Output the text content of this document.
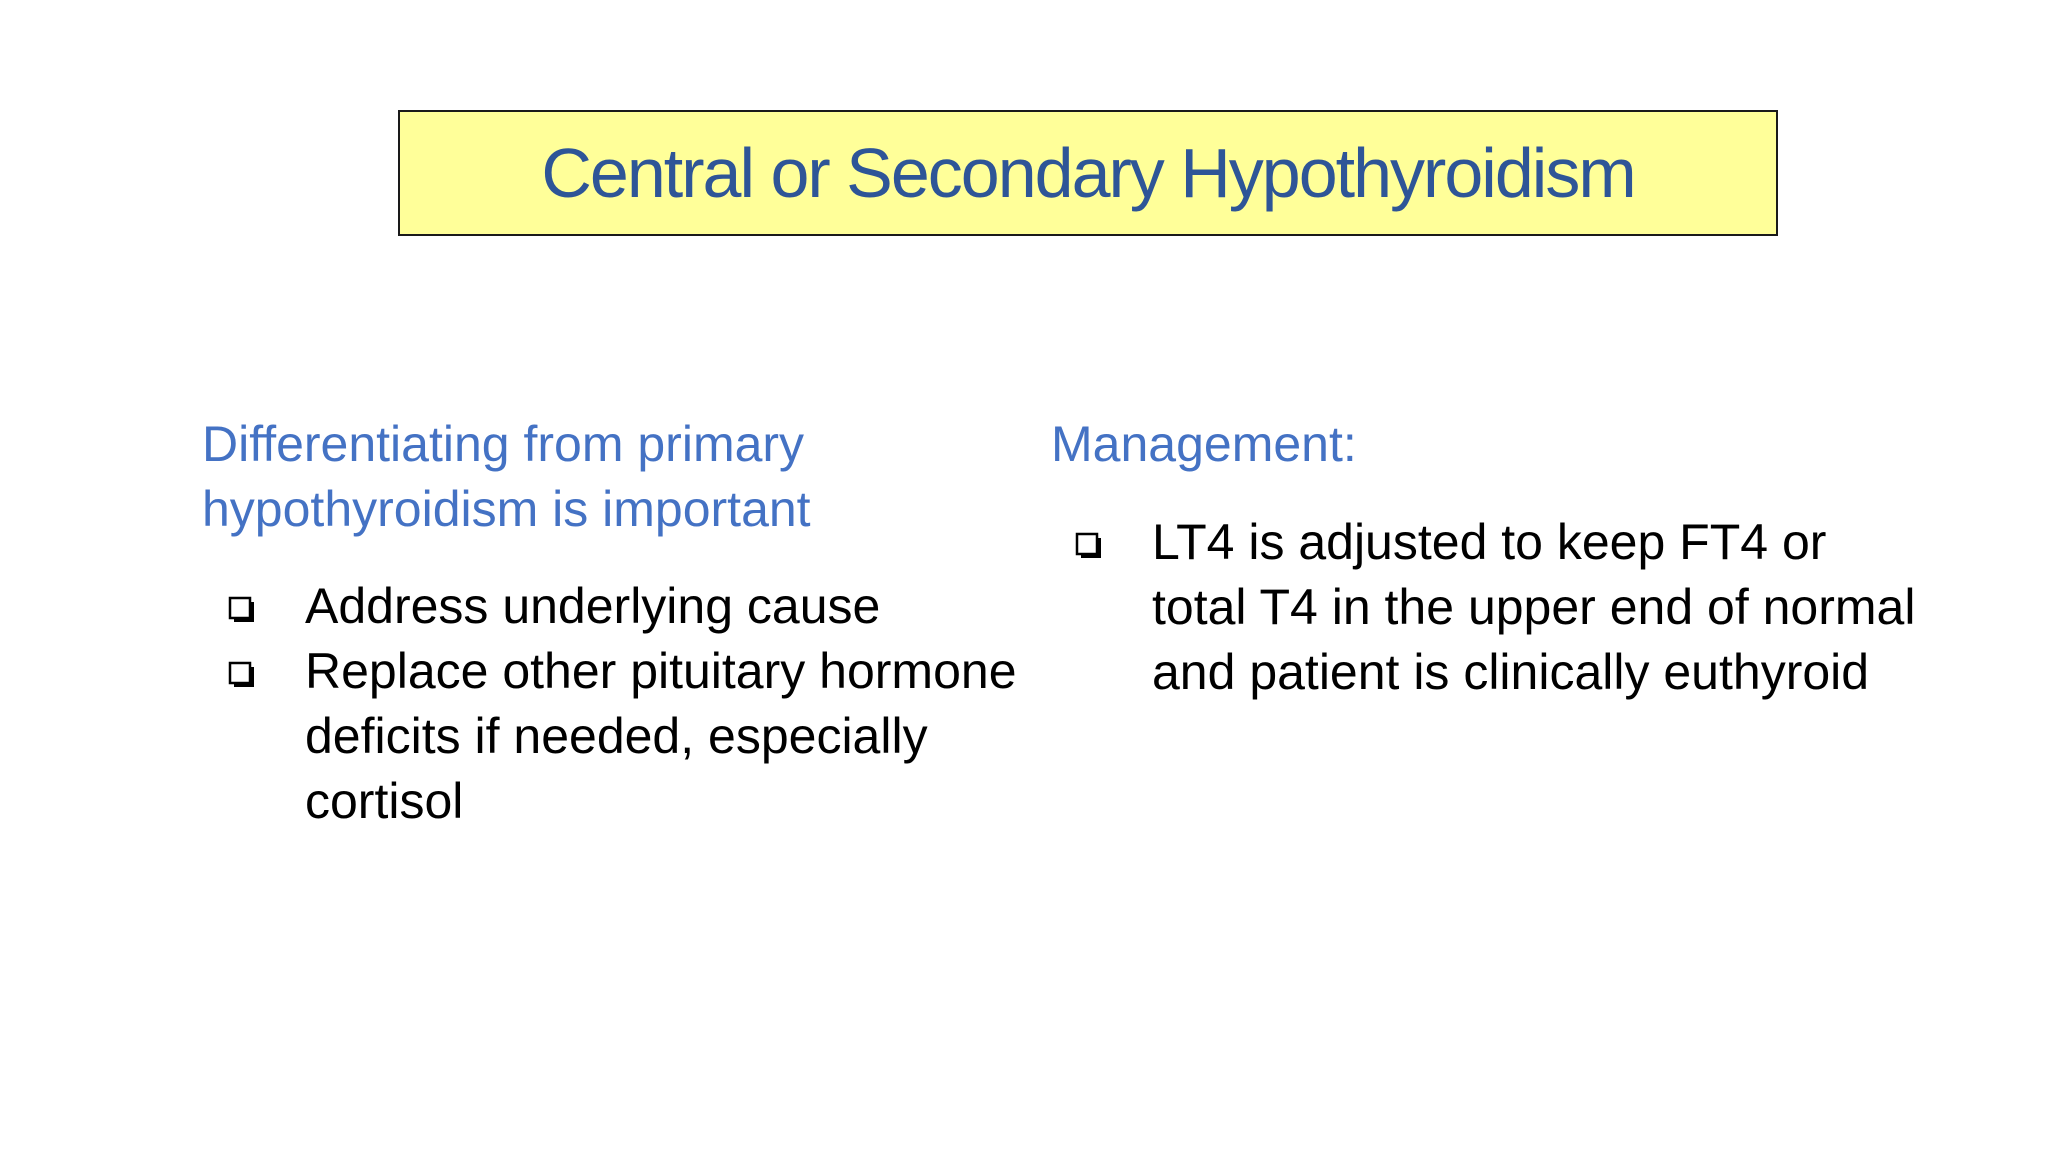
Central or Secondary Hypothyroidism

Differentiating from primary hypothyroidism is important

Address underlying cause
Replace other pituitary hormone deficits if needed, especially cortisol

Management:

LT4 is adjusted to keep FT4 or total T4 in the upper end of normal and patient is clinically euthyroid
